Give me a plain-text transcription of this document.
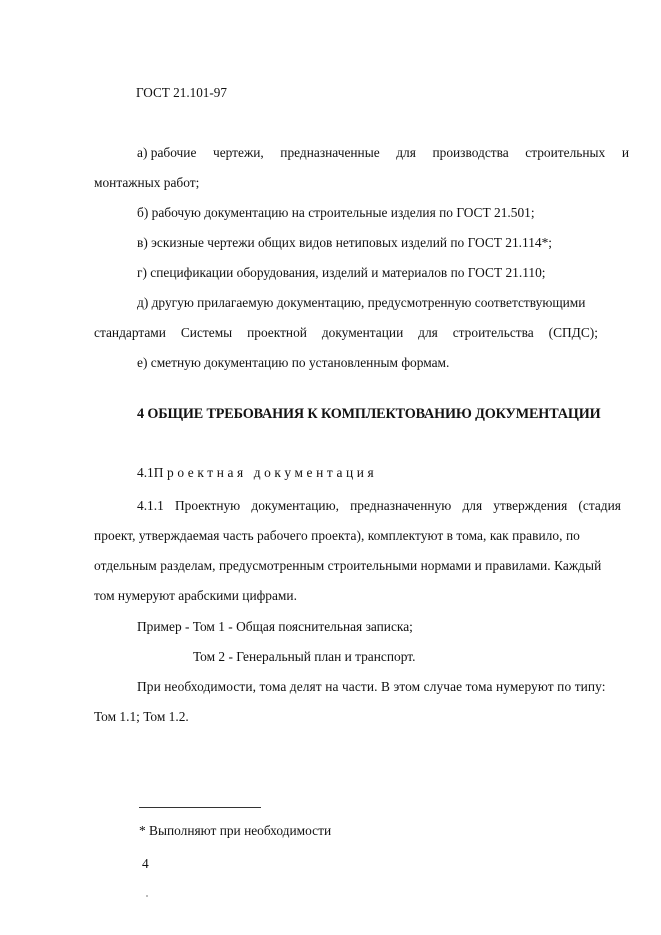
ГОСТ 21.101-97
а) рабочие чертежи, предназначенные для производства строительных и
монтажных работ;
б) рабочую документацию на строительные изделия по ГОСТ 21.501;
в) эскизные чертежи общих видов нетиповых изделий по ГОСТ 21.114*;
г) спецификации оборудования, изделий и материалов по ГОСТ 21.110;
д) другую прилагаемую документацию, предусмотренную соответствующими
стандартами Системы проектной документации для строительства (СПДС);
е) сметную документацию по установленным формам.
4 ОБЩИЕ ТРЕБОВАНИЯ К КОМПЛЕКТОВАНИЮ ДОКУМЕНТАЦИИ
4.1Проектная документация
4.1.1 Проектную документацию, предназначенную для утверждения (стадия
проект, утверждаемая часть рабочего проекта), комплектуют в тома, как правило, по
отдельным разделам, предусмотренным строительными нормами и правилами. Каждый
том нумеруют арабскими цифрами.
Пример - Том 1 - Общая пояснительная записка;
Том 2 - Генеральный план и транспорт.
При необходимости, тома делят на части. В этом случае тома нумеруют по типу:
Том 1.1; Том 1.2.
* Выполняют при необходимости
4
